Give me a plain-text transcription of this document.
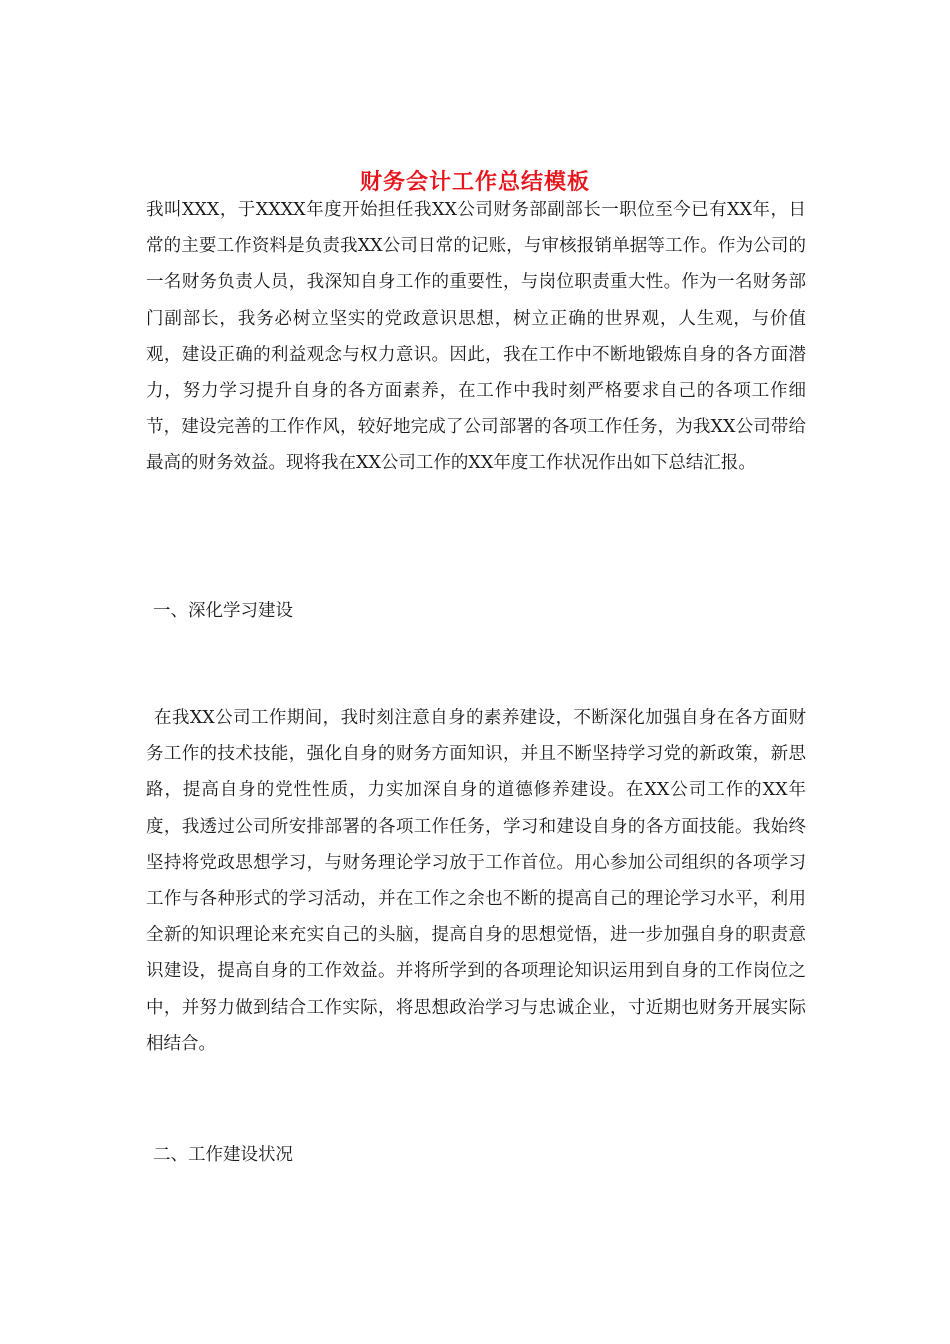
财务会计工作总结模板

我叫XXX，于XXXX年度开始担任我XX公司财务部副部长一职位至今已有XX年，日常的主要工作资料是负责我XX公司日常的记账，与审核报销单据等工作。作为公司的一名财务负责人员，我深知自身工作的重要性，与岗位职责重大性。作为一名财务部门副部长，我务必树立坚实的党政意识思想，树立正确的世界观，人生观，与价值观，建设正确的利益观念与权力意识。因此，我在工作中不断地锻炼自身的各方面潜力，努力学习提升自身的各方面素养，在工作中我时刻严格要求自己的各项工作细节，建设完善的工作作风，较好地完成了公司部署的各项工作任务，为我XX公司带给最高的财务效益。现将我在XX公司工作的XX年度工作状况作出如下总结汇报。

一、深化学习建设

在我XX公司工作期间，我时刻注意自身的素养建设，不断深化加强自身在各方面财务工作的技术技能，强化自身的财务方面知识，并且不断坚持学习党的新政策，新思路，提高自身的党性性质，力实加深自身的道德修养建设。在XX公司工作的XX年度，我透过公司所安排部署的各项工作任务，学习和建设自身的各方面技能。我始终坚持将党政思想学习，与财务理论学习放于工作首位。用心参加公司组织的各项学习工作与各种形式的学习活动，并在工作之余也不断的提高自己的理论学习水平，利用全新的知识理论来充实自己的头脑，提高自身的思想觉悟，进一步加强自身的职责意识建设，提高自身的工作效益。并将所学到的各项理论知识运用到自身的工作岗位之中，并努力做到结合工作实际，将思想政治学习与忠诚企业，寸近期也财务开展实际相结合。

二、工作建设状况
